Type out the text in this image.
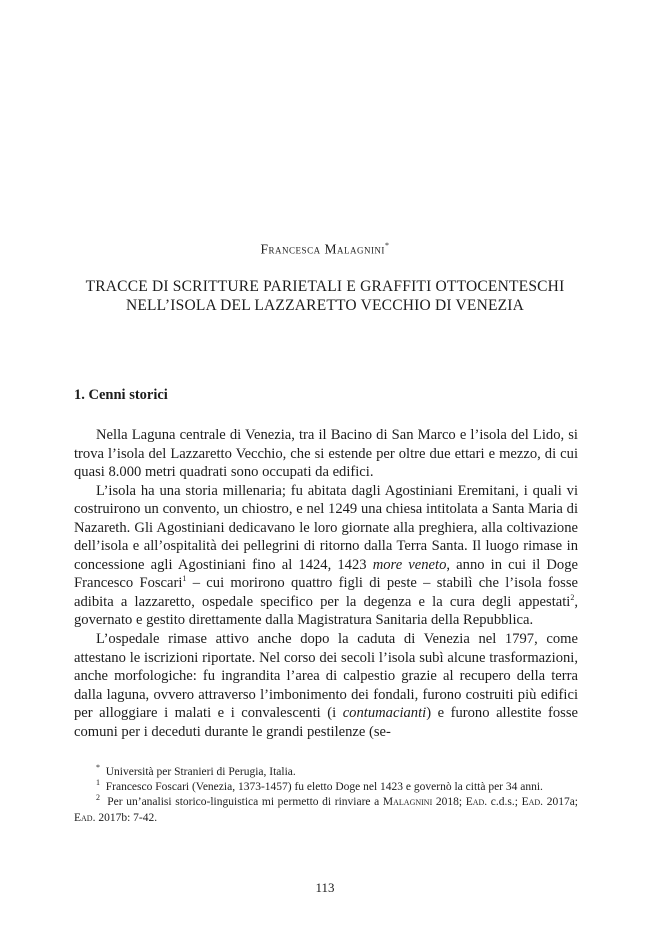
Francesca Malagnini*
TRACCE DI SCRITTURE PARIETALI E GRAFFITI OTTOCENTESCHI
NELL’ISOLA DEL LAZZARETTO VECCHIO DI VENEZIA
1. Cenni storici

Nella Laguna centrale di Venezia, tra il Bacino di San Marco e l’isola del Lido, si trova l’isola del Lazzaretto Vecchio, che si estende per oltre due ettari e mezzo, di cui quasi 8.000 metri quadrati sono occupati da edifici.

L’isola ha una storia millenaria; fu abitata dagli Agostiniani Eremitani, i quali vi costruirono un convento, un chiostro, e nel 1249 una chiesa intitolata a Santa Maria di Nazareth. Gli Agostiniani dedicavano le loro giornate alla preghiera, alla coltivazione dell’isola e all’ospitalità dei pellegrini di ritorno dalla Terra Santa. Il luogo rimase in concessione agli Agostiniani fino al 1424, 1423 more veneto, anno in cui il Doge Francesco Foscari$^1$ – cui morirono quattro figli di peste – stabilì che l’isola fosse adibita a lazzaretto, ospedale specifico per la degenza e la cura degli appestati$^2$, governato e gestito direttamente dalla Magistratura Sanitaria della Repubblica.

L’ospedale rimase attivo anche dopo la caduta di Venezia nel 1797, come attestano le iscrizioni riportate. Nel corso dei secoli l’isola subì alcune trasformazioni, anche morfologiche: fu ingrandita l’area di calpestio grazie al recupero della terra dalla laguna, ovvero attraverso l’imbonimento dei fondali, furono costruiti più edifici per alloggiare i malati e i convalescenti (i contumacianti) e furono allestite fosse comuni per i deceduti durante le grandi pestilenze (se-

* Università per Stranieri di Perugia, Italia.

$^1$ Francesco Foscari (Venezia, 1373-1457) fu eletto Doge nel 1423 e governò la città per 34 anni.

$^2$ Per un’analisi storico-linguistica mi permetto di rinviare a Malagnini 2018; Ead. c.d.s.; Ead. 2017a; Ead. 2017b: 7-42.

113
